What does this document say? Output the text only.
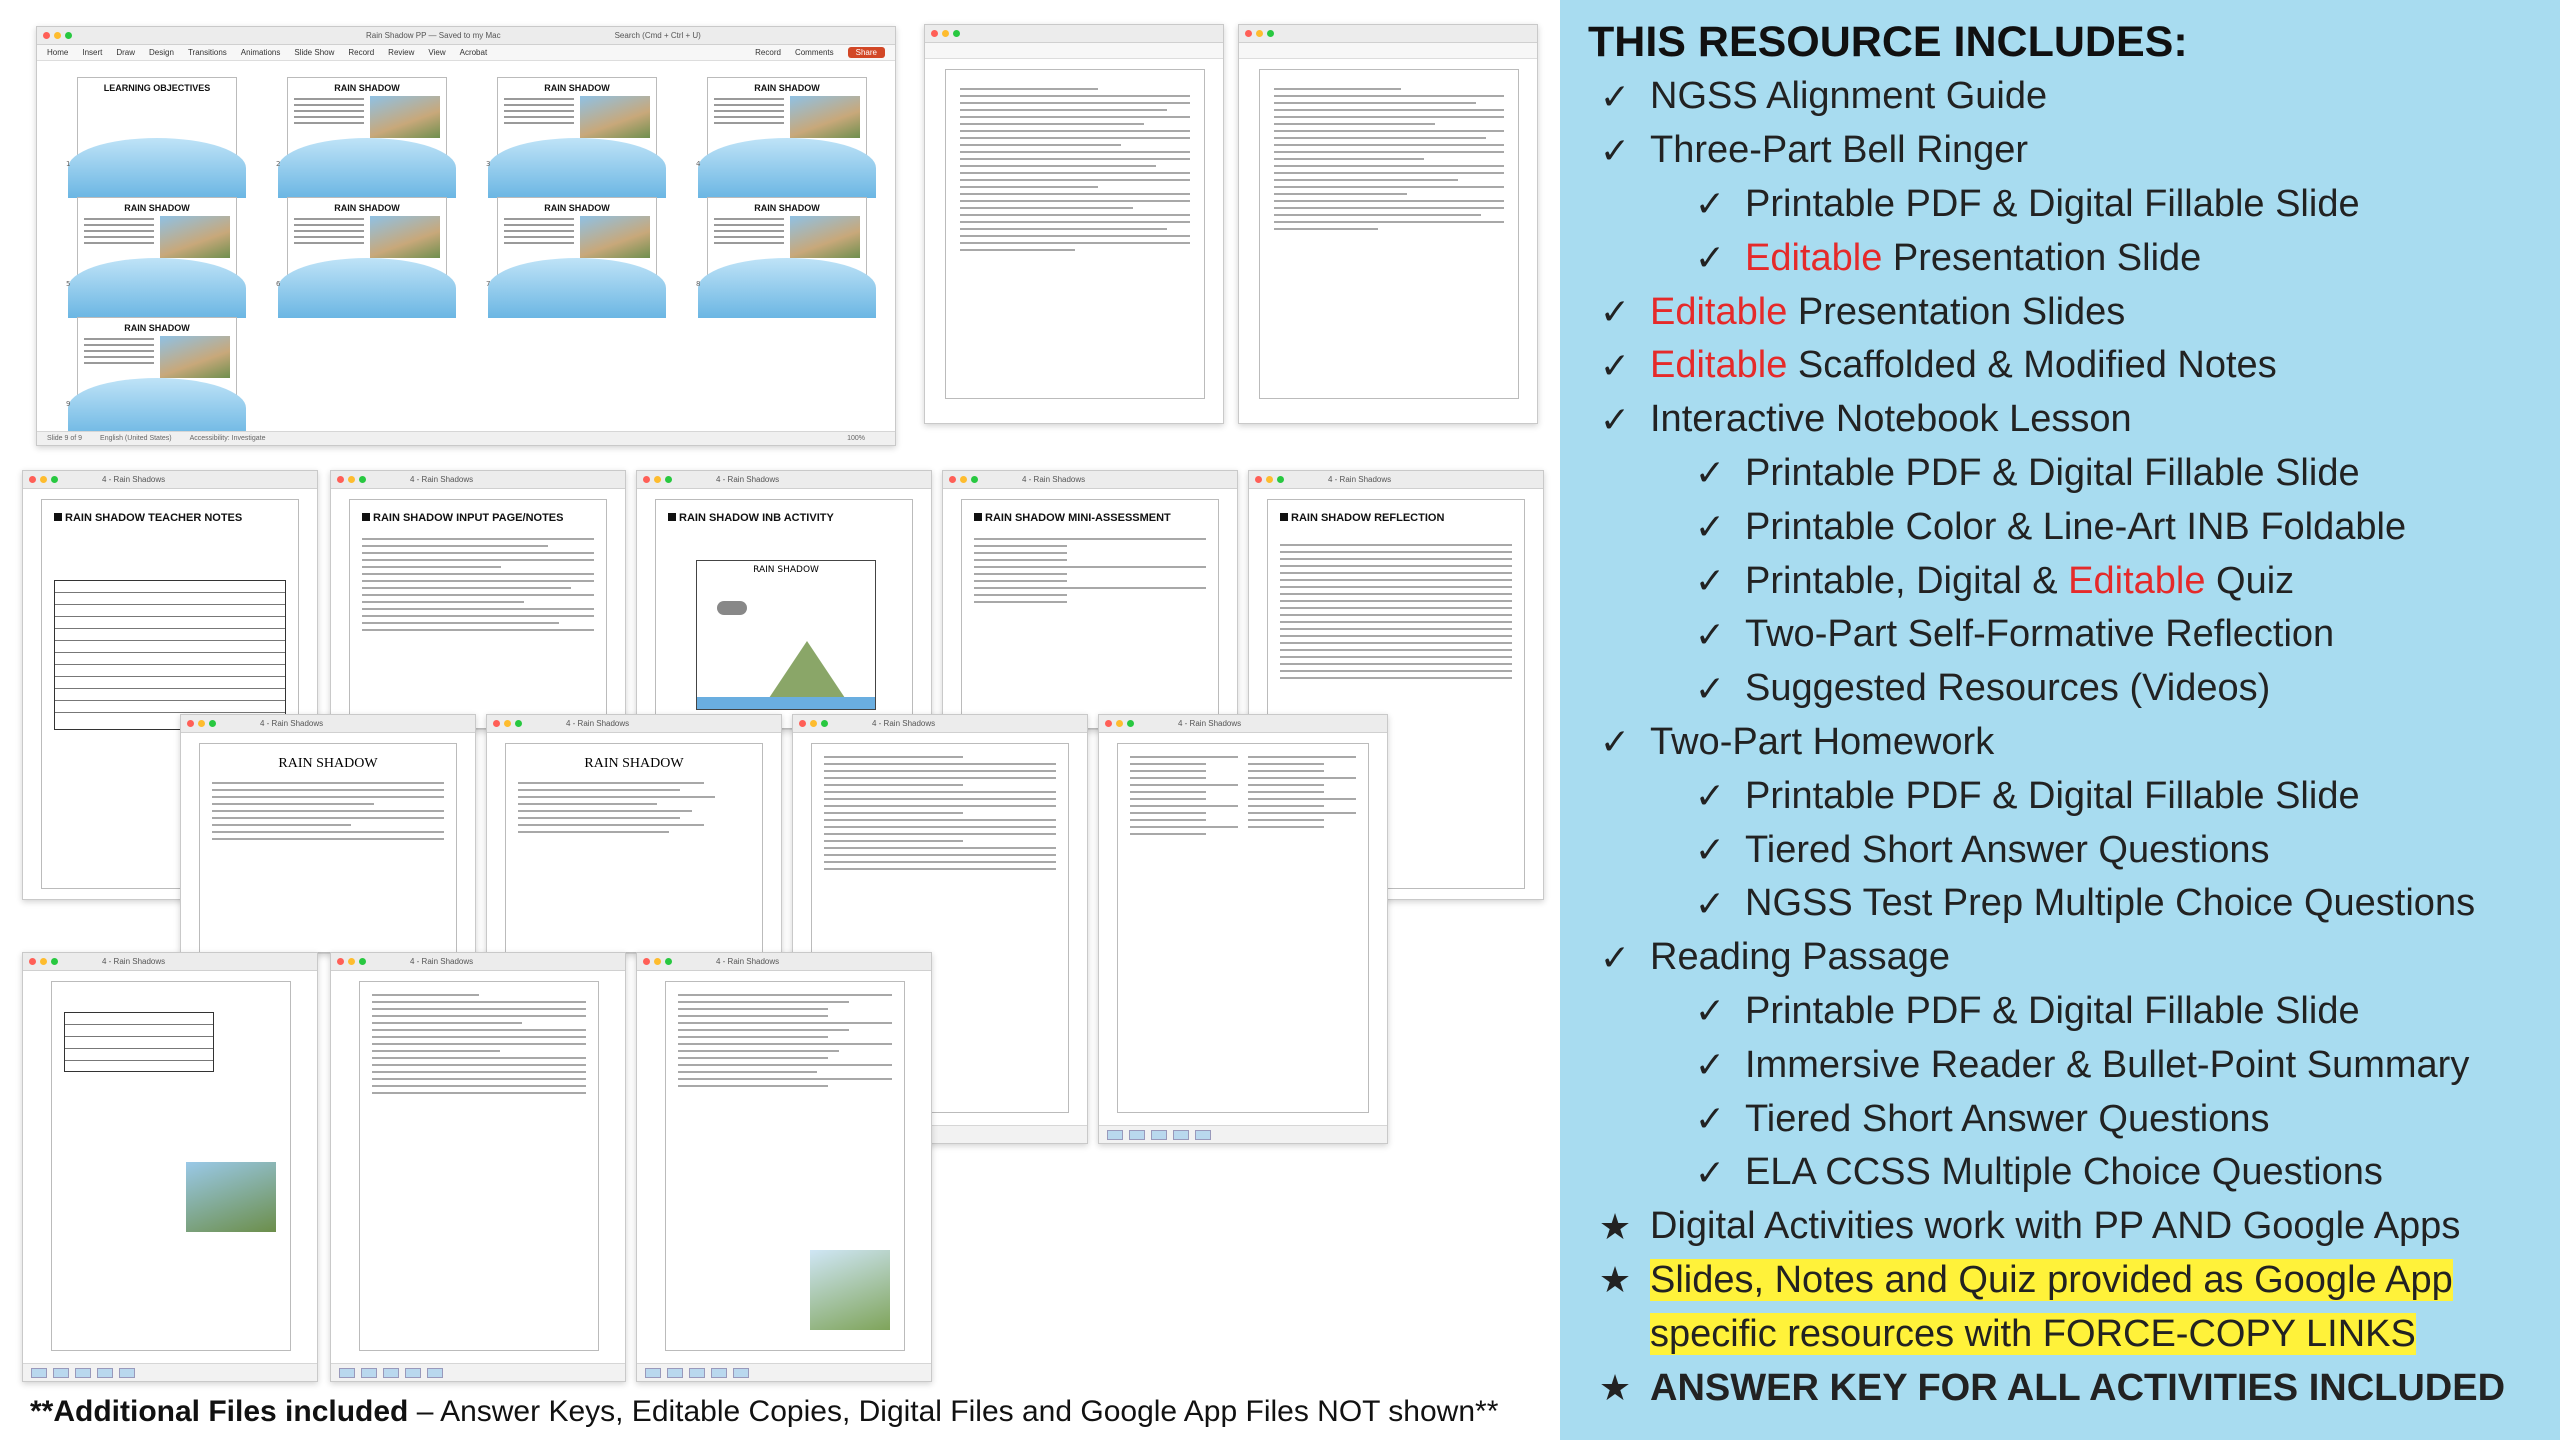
Rain Shadow PP — Saved to my Mac	Search (Cmd + Ctrl + U)
Home Insert Draw Design Transitions Animations Slide Show Record Review View Acrobat	Record Comments	Share
LEARNING OBJECTIVES
1
RAIN SHADOW
2
RAIN SHADOW
3
RAIN SHADOW
4
RAIN SHADOW
5
RAIN SHADOW
6
RAIN SHADOW
7
RAIN SHADOW
8
RAIN SHADOW
9
Slide 9 of 9	English (United States)	Accessibility: Investigate	100%
4 - Rain Shadows
RAIN SHADOW TEACHER NOTES
4 - Rain Shadows
RAIN SHADOW INPUT PAGE/NOTES
4 - Rain Shadows
RAIN SHADOW INB ACTIVITY
RAIN SHADOW
4 - Rain Shadows
RAIN SHADOW MINI-ASSESSMENT
4 - Rain Shadows
RAIN SHADOW REFLECTION
4 - Rain Shadows
RAIN SHADOW
4 - Rain Shadows
RAIN SHADOW
4 - Rain Shadows	4 - Rain Shadows
4 - Rain Shadows	4 - Rain Shadows	4 - Rain Shadows
**Additional Files included – Answer Keys, Editable Copies, Digital Files and Google App Files NOT shown**
THIS RESOURCE INCLUDES:
✓ NGSS Alignment Guide
✓ Three-Part Bell Ringer
✓ Printable PDF & Digital Fillable Slide
✓ Editable Presentation Slide
✓ Editable Presentation Slides
✓ Editable Scaffolded & Modified Notes
✓ Interactive Notebook Lesson
✓ Printable PDF & Digital Fillable Slide
✓ Printable Color & Line-Art INB Foldable
✓ Printable, Digital & Editable Quiz
✓ Two-Part Self-Formative Reflection
✓ Suggested Resources (Videos)
✓ Two-Part Homework
✓ Printable PDF & Digital Fillable Slide
✓ Tiered Short Answer Questions
✓ NGSS Test Prep Multiple Choice Questions
✓ Reading Passage
✓ Printable PDF & Digital Fillable Slide
✓ Immersive Reader & Bullet-Point Summary
✓ Tiered Short Answer Questions
✓ ELA CCSS Multiple Choice Questions
★ Digital Activities work with PP AND Google Apps
★ Slides, Notes and Quiz provided as Google App
specific resources with FORCE-COPY LINKS
★ ANSWER KEY FOR ALL ACTIVITIES INCLUDED
